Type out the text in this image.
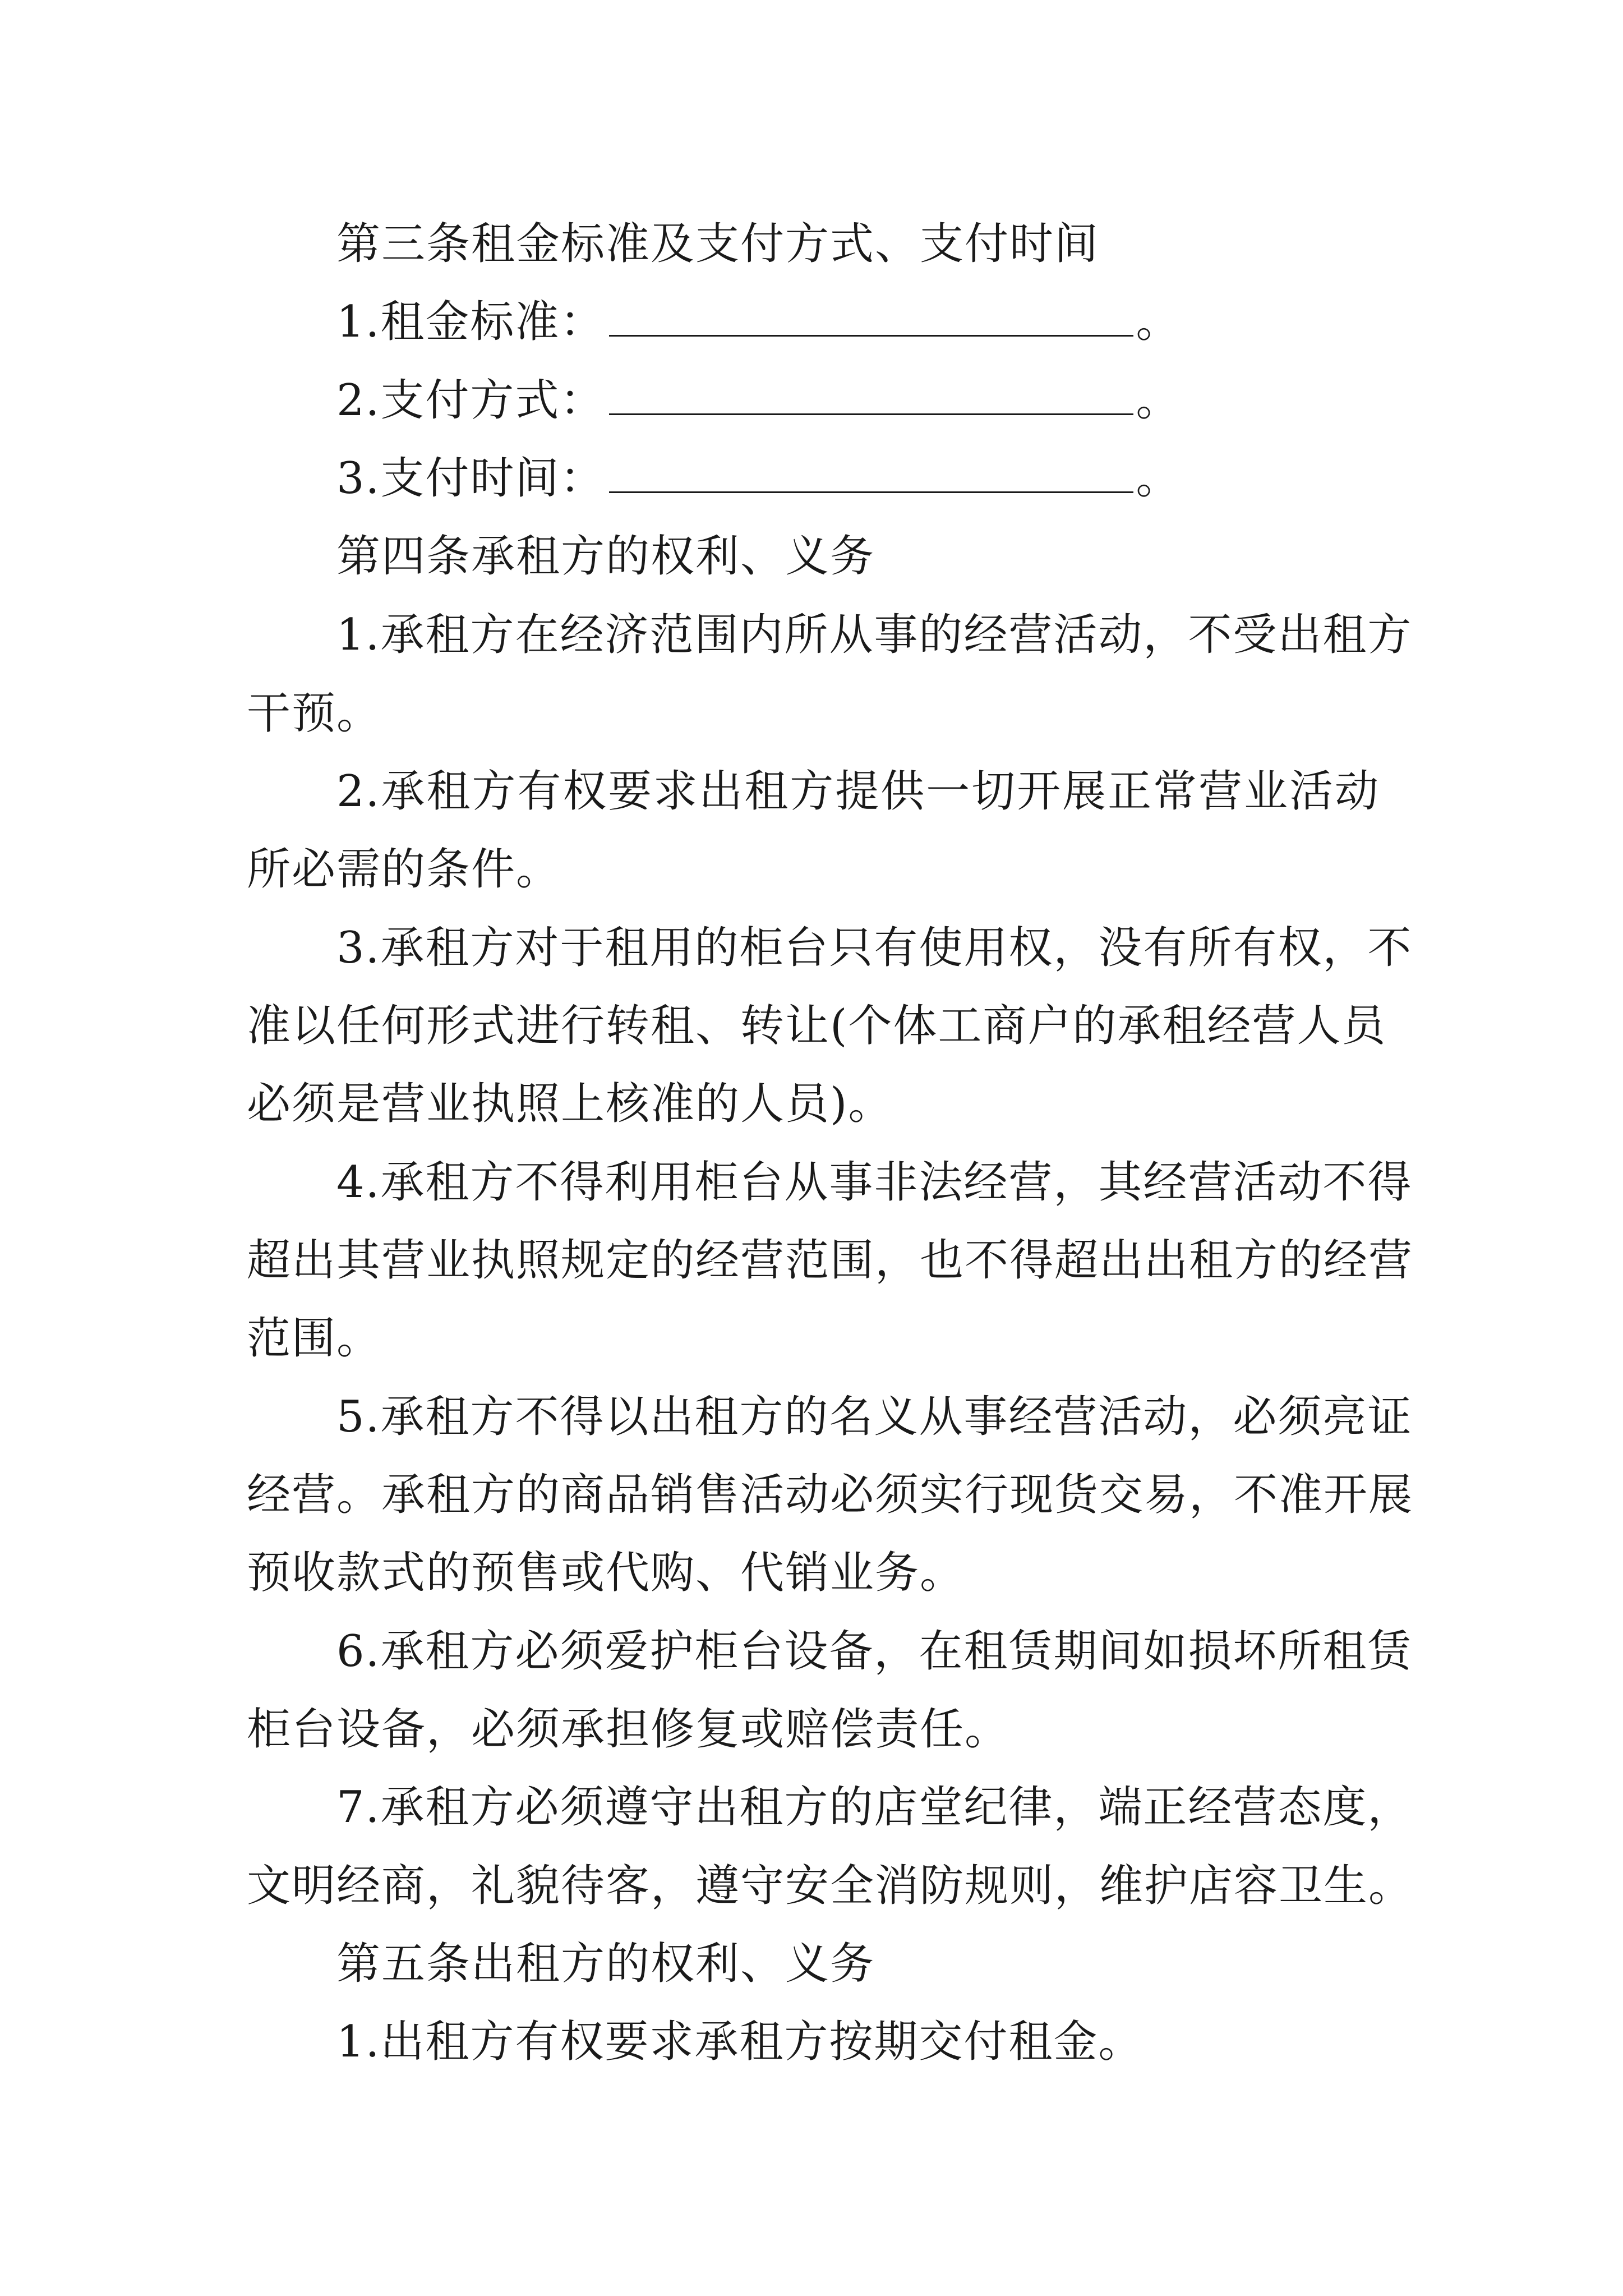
第三条租金标准及支付方式、支付时间
1.租金标准：	。
2.支付方式：	。
3.支付时间：	。
第四条承租方的权利、义务
1.承租方在经济范围内所从事的经营活动，不受出租方
干预。
2.承租方有权要求出租方提供一切开展正常营业活动
所必需的条件。
3.承租方对于租用的柜台只有使用权，没有所有权，不
准以任何形式进行转租、转让(个体工商户的承租经营人员
必须是营业执照上核准的人员)。
4.承租方不得利用柜台从事非法经营，其经营活动不得
超出其营业执照规定的经营范围，也不得超出出租方的经营
范围。
5.承租方不得以出租方的名义从事经营活动，必须亮证
经营。承租方的商品销售活动必须实行现货交易，不准开展
预收款式的预售或代购、代销业务。
6.承租方必须爱护柜台设备，在租赁期间如损坏所租赁
柜台设备，必须承担修复或赔偿责任。
7.承租方必须遵守出租方的店堂纪律，端正经营态度，
文明经商，礼貌待客，遵守安全消防规则，维护店容卫生。
第五条出租方的权利、义务
1.出租方有权要求承租方按期交付租金。
